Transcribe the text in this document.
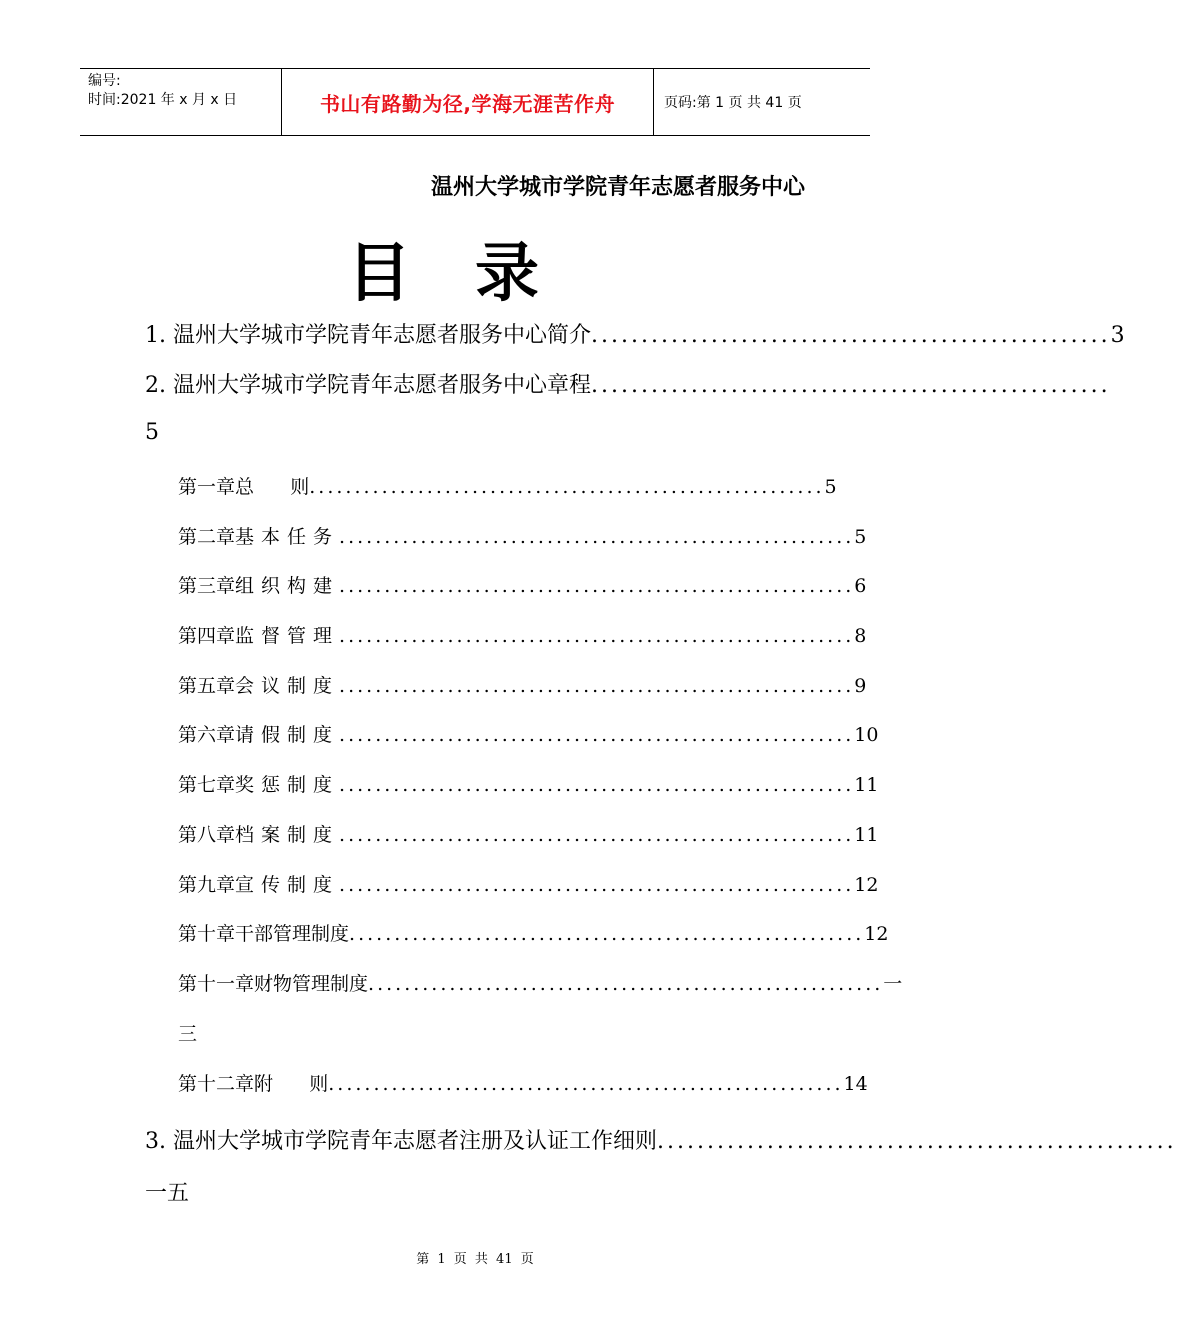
编号:
时间:2021 年 x 月 x 日	书山有路勤为径,学海无涯苦作舟	页码:第 1 页 共 41 页
温州大学城市学院青年志愿者服务中心
目录
1. 温州大学城市学院青年志愿者服务中心简介 .................................................... 3
2. 温州大学城市学院青年志愿者服务中心章程 ....................................................
5
第一章 总      则 ......................................................... 5
第二章 基本任务 ......................................................... 5
第三章 组织构建 ......................................................... 6
第四章 监督管理 ......................................................... 8
第五章 会议制度 ......................................................... 9
第六章 请假制度 ......................................................... 10
第七章 奖惩制度 ......................................................... 11
第八章 档案制度 ......................................................... 11
第九章 宣传制度 ......................................................... 12
第十章 干部管理制度 ......................................................... 12
第十一章 财物管理制度 ......................................................... 一
三
第十二章 附      则 ......................................................... 14
3. 温州大学城市学院青年志愿者注册及认证工作细则 ....................................................
一五
第 1 页 共 41 页
